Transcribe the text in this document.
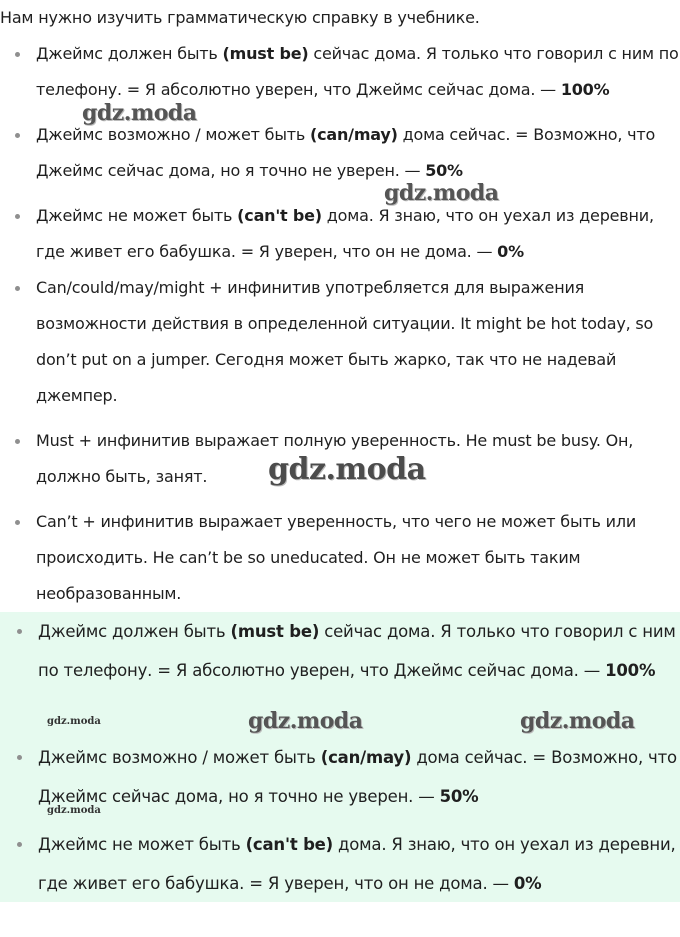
Нам нужно изучить грамматическую справку в учебнике.

Джеймс должен быть (must be) сейчас дома. Я только что говорил с ним по телефону. = Я абсолютно уверен, что Джеймс сейчас дома. — 100%
Джеймс возможно / может быть (can/may) дома сейчас. = Возможно, что Джеймс сейчас дома, но я точно не уверен. — 50%
Джеймс не может быть (can't be) дома. Я знаю, что он уехал из деревни, где живет его бабушка. = Я уверен, что он не дома. — 0%
Can/could/may/might + инфинитив употребляется для выражения возможности действия в определенной ситуации. It might be hot today, so don’t put on a jumper. Сегодня может быть жарко, так что не надевай джемпер.
Must + инфинитив выражает полную уверенность. He must be busy. Он, должно быть, занят.
Can’t + инфинитив выражает уверенность, что чего не может быть или происходить. He can’t be so uneducated. Он не может быть таким необразованным.
Джеймс должен быть (must be) сейчас дома. Я только что говорил с ним по телефону. = Я абсолютно уверен, что Джеймс сейчас дома. — 100%
Джеймс возможно / может быть (can/may) дома сейчас. = Возможно, что Джеймс сейчас дома, но я точно не уверен. — 50%
Джеймс не может быть (can't be) дома. Я знаю, что он уехал из деревни, где живет его бабушка. = Я уверен, что он не дома. — 0%
gdz.moda
gdz.moda
gdz.moda
gdz.moda	gdz.moda
gdz.moda
gdz.moda
